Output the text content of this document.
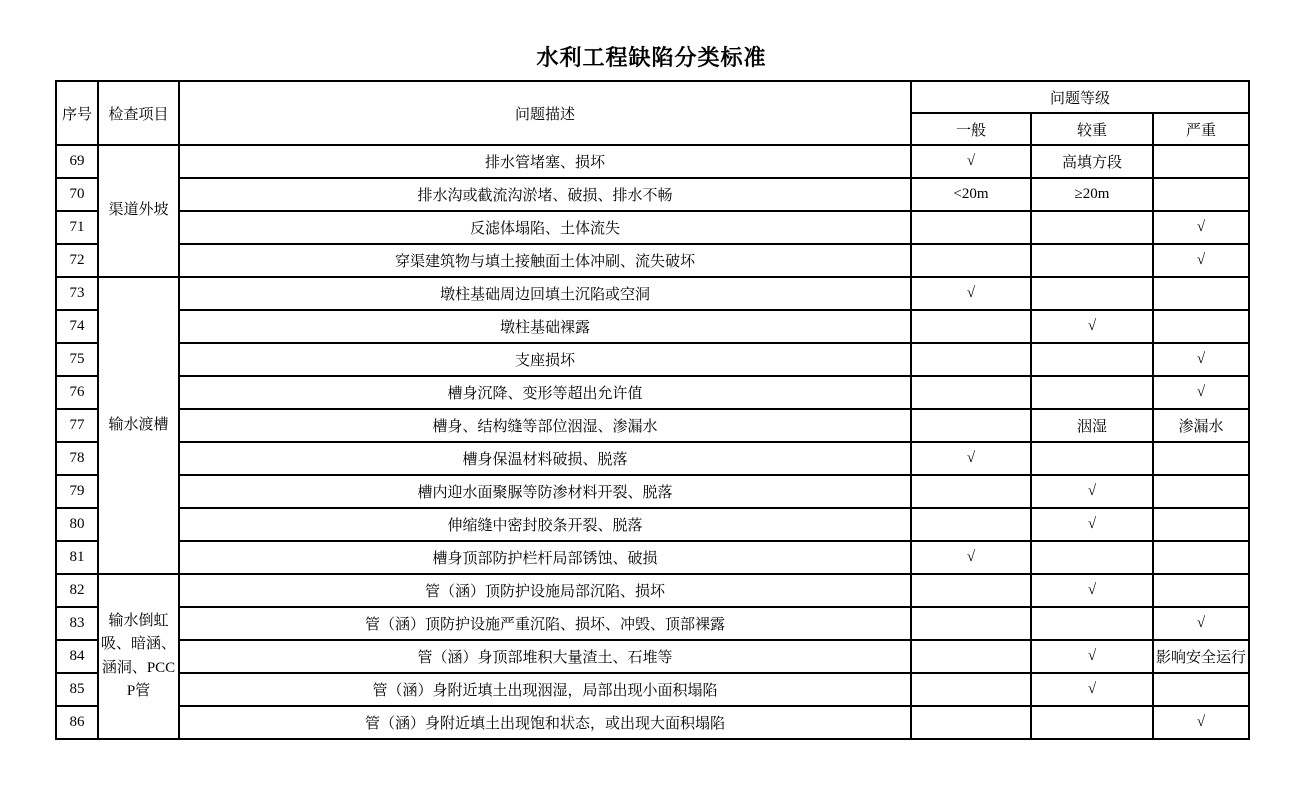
水利工程缺陷分类标准
序号	检查项目	问题描述	问题等级		
			一般	较重	严重
69	渠道外坡	排水管堵塞、损坏	√	高填方段	
70		排水沟或截流沟淤堵、破损、排水不畅	<20m	≥20m	
71		反滤体塌陷、土体流失			√
72		穿渠建筑物与填土接触面土体冲刷、流失破坏			√
73	输水渡槽	墩柱基础周边回填土沉陷或空洞	√		
74		墩柱基础裸露		√	
75		支座损坏			√
76		槽身沉降、变形等超出允许值			√
77		槽身、结构缝等部位洇湿、渗漏水		洇湿	渗漏水
78		槽身保温材料破损、脱落	√		
79		槽内迎水面聚脲等防渗材料开裂、脱落		√	
80		伸缩缝中密封胶条开裂、脱落		√	
81		槽身顶部防护栏杆局部锈蚀、破损	√		
82	输水倒虹吸、暗涵、涵洞、PCCP管	管（涵）顶防护设施局部沉陷、损坏		√	
83		管（涵）顶防护设施严重沉陷、损坏、冲毁、顶部裸露			√
84		管（涵）身顶部堆积大量渣土、石堆等		√	影响安全运行
85		管（涵）身附近填土出现洇湿，局部出现小面积塌陷		√	
86		管（涵）身附近填土出现饱和状态，或出现大面积塌陷			√
